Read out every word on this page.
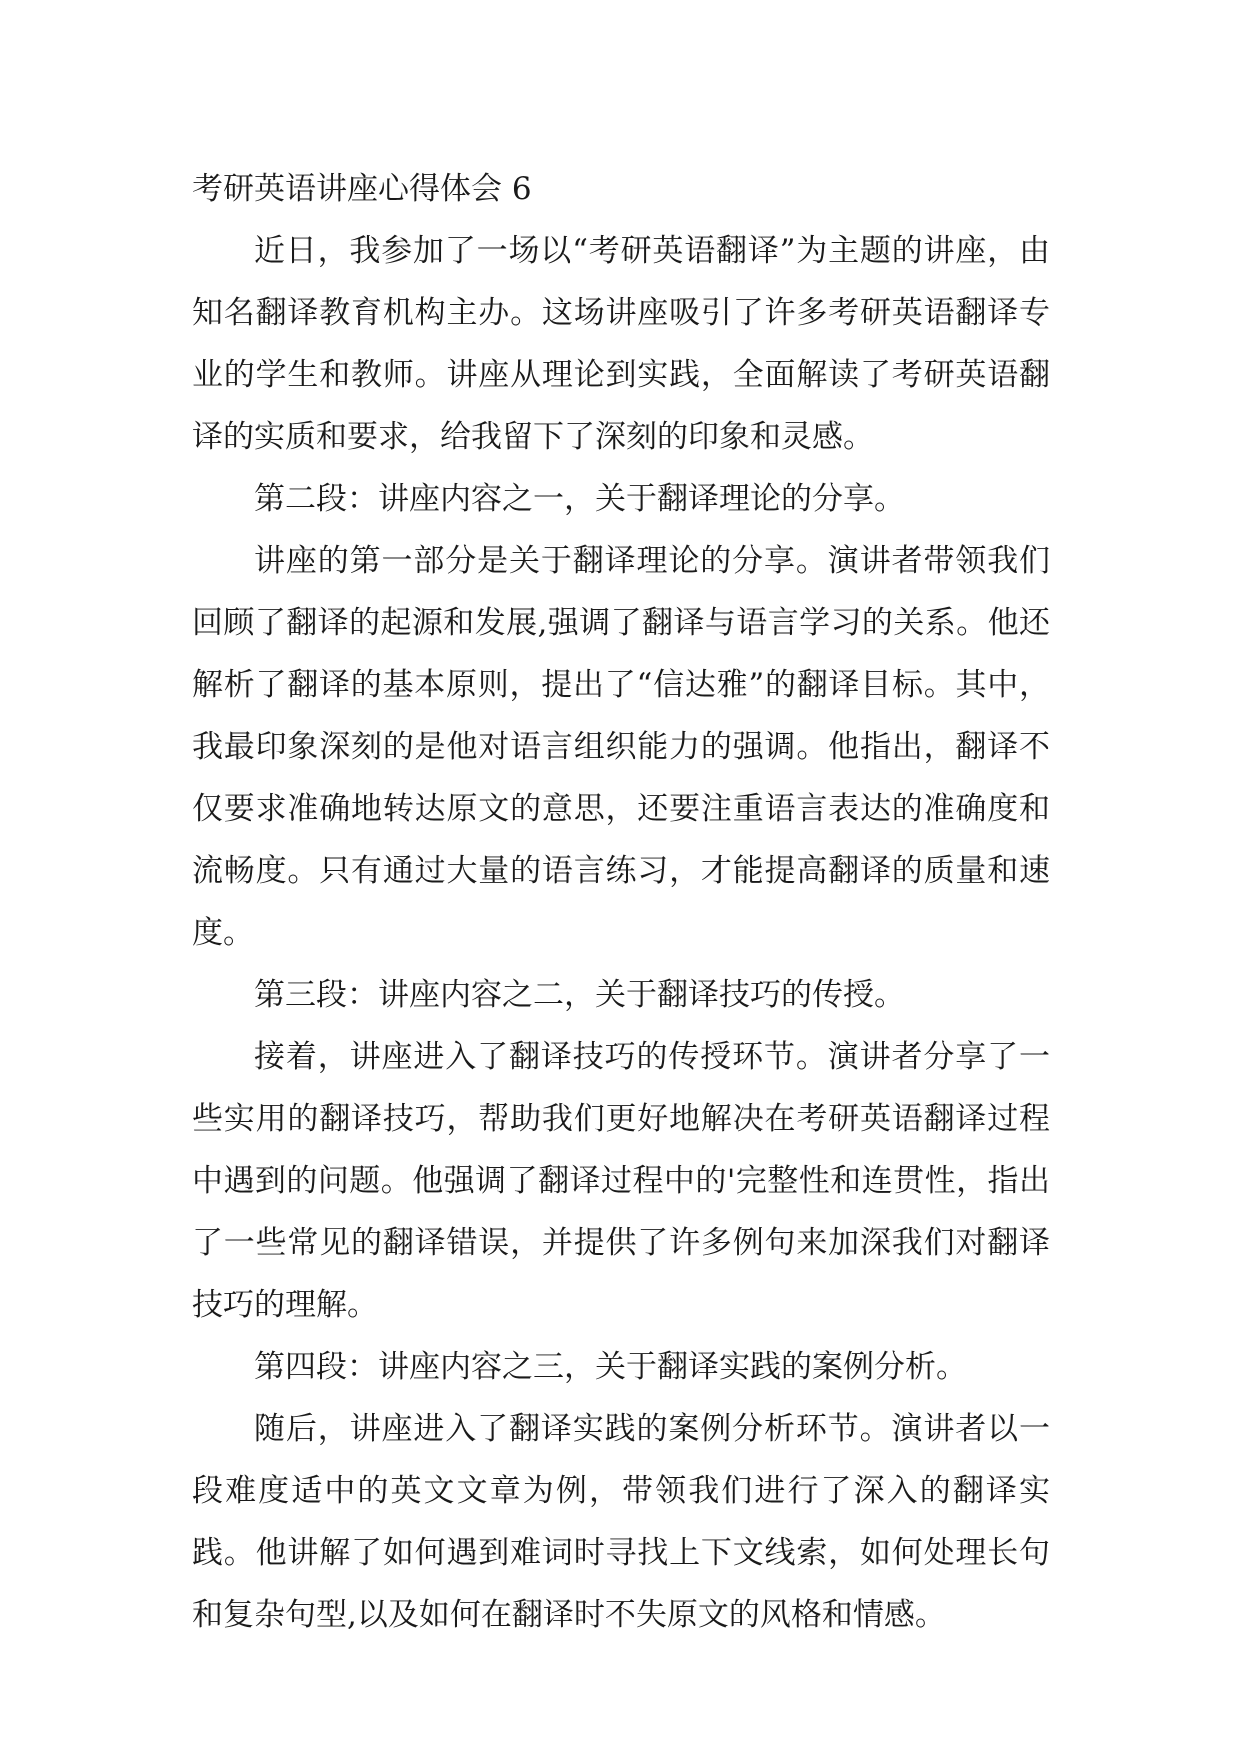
考研英语讲座心得体会 6

近日，我参加了一场以“考研英语翻译”为主题的讲座，由知名翻译教育机构主办。这场讲座吸引了许多考研英语翻译专业的学生和教师。讲座从理论到实践，全面解读了考研英语翻译的实质和要求，给我留下了深刻的印象和灵感。

第二段：讲座内容之一，关于翻译理论的分享。

讲座的第一部分是关于翻译理论的分享。演讲者带领我们回顾了翻译的起源和发展,强调了翻译与语言学习的关系。他还解析了翻译的基本原则，提出了“信达雅”的翻译目标。其中，我最印象深刻的是他对语言组织能力的强调。他指出，翻译不仅要求准确地转达原文的意思，还要注重语言表达的准确度和流畅度。只有通过大量的语言练习，才能提高翻译的质量和速度。

第三段：讲座内容之二，关于翻译技巧的传授。

接着，讲座进入了翻译技巧的传授环节。演讲者分享了一些实用的翻译技巧，帮助我们更好地解决在考研英语翻译过程中遇到的问题。他强调了翻译过程中的'完整性和连贯性，指出了一些常见的翻译错误，并提供了许多例句来加深我们对翻译技巧的理解。

第四段：讲座内容之三，关于翻译实践的案例分析。

随后，讲座进入了翻译实践的案例分析环节。演讲者以一段难度适中的英文文章为例，带领我们进行了深入的翻译实践。他讲解了如何遇到难词时寻找上下文线索，如何处理长句和复杂句型,以及如何在翻译时不失原文的风格和情感。
